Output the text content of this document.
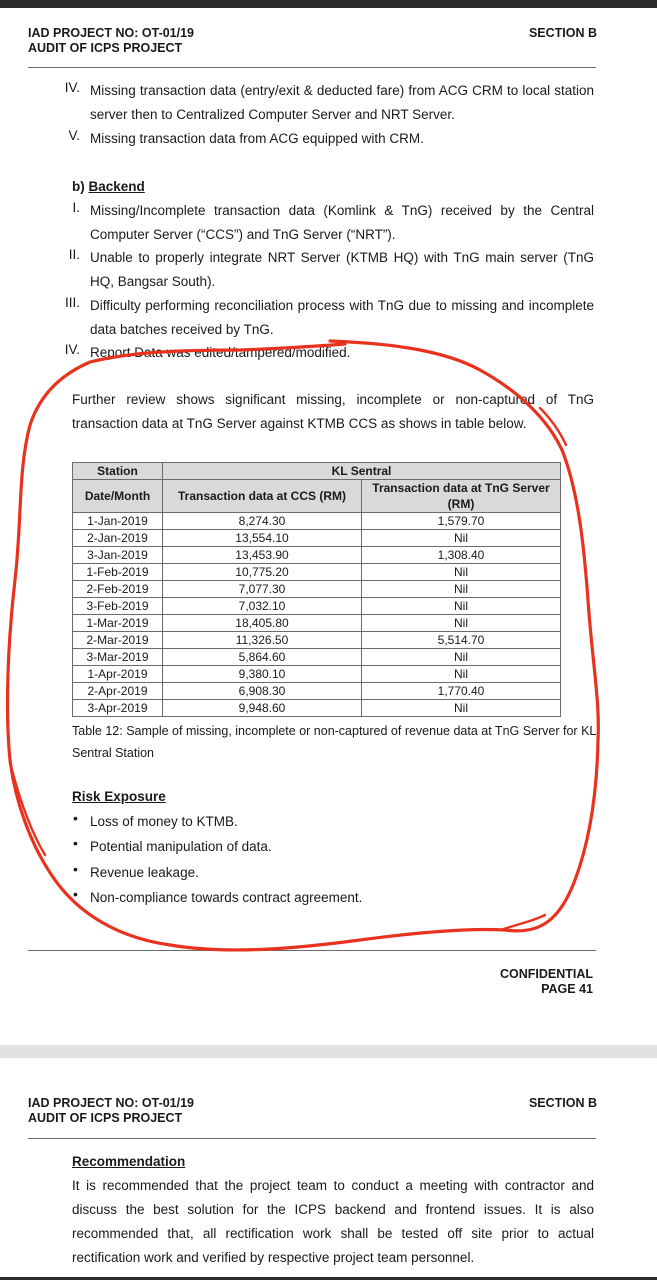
IAD PROJECT NO: OT-01/19
AUDIT OF ICPS PROJECT
SECTION B
IV. Missing transaction data (entry/exit & deducted fare) from ACG CRM to local station server then to Centralized Computer Server and NRT Server.
V. Missing transaction data from ACG equipped with CRM.
b) Backend
I. Missing/Incomplete transaction data (Komlink & TnG) received by the Central Computer Server (“CCS”) and TnG Server (“NRT”).
II. Unable to properly integrate NRT Server (KTMB HQ) with TnG main server (TnG HQ, Bangsar South).
III. Difficulty performing reconciliation process with TnG due to missing and incomplete data batches received by TnG.
IV. Report Data was edited/tampered/modified.
Further review shows significant missing, incomplete or non-captured of TnG transaction data at TnG Server against KTMB CCS as shows in table below.
Station	KL Sentral	
Date/Month	Transaction data at CCS (RM)	Transaction data at TnG Server (RM)
1-Jan-2019	8,274.30	1,579.70
2-Jan-2019	13,554.10	Nil
3-Jan-2019	13,453.90	1,308.40
1-Feb-2019	10,775.20	Nil
2-Feb-2019	7,077.30	Nil
3-Feb-2019	7,032.10	Nil
1-Mar-2019	18,405.80	Nil
2-Mar-2019	11,326.50	5,514.70
3-Mar-2019	5,864.60	Nil
1-Apr-2019	9,380.10	Nil
2-Apr-2019	6,908.30	1,770.40
3-Apr-2019	9,948.60	Nil
Table 12: Sample of missing, incomplete or non-captured of revenue data at TnG Server for KL Sentral Station
Risk Exposure
• Loss of money to KTMB.
• Potential manipulation of data.
• Revenue leakage.
• Non-compliance towards contract agreement.
CONFIDENTIAL
PAGE 41
IAD PROJECT NO: OT-01/19
AUDIT OF ICPS PROJECT
SECTION B
Recommendation
It is recommended that the project team to conduct a meeting with contractor and discuss the best solution for the ICPS backend and frontend issues. It is also recommended that, all rectification work shall be tested off site prior to actual rectification work and verified by respective project team personnel.
